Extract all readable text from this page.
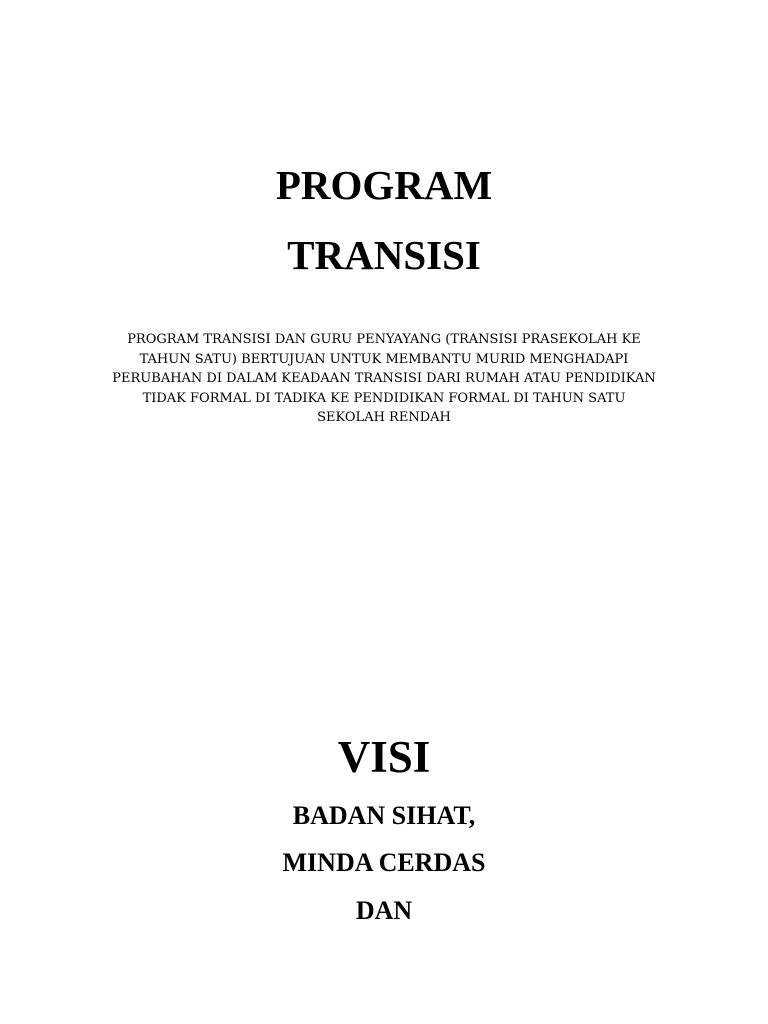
PROGRAM
TRANSISI

PROGRAM TRANSISI DAN GURU PENYAYANG (TRANSISI PRASEKOLAH KE
TAHUN SATU) BERTUJUAN UNTUK MEMBANTU MURID MENGHADAPI
PERUBAHAN DI DALAM KEADAAN TRANSISI DARI RUMAH ATAU PENDIDIKAN
TIDAK FORMAL DI TADIKA KE PENDIDIKAN FORMAL DI TAHUN SATU
SEKOLAH RENDAH

VISI

BADAN SIHAT,

MINDA CERDAS

DAN
